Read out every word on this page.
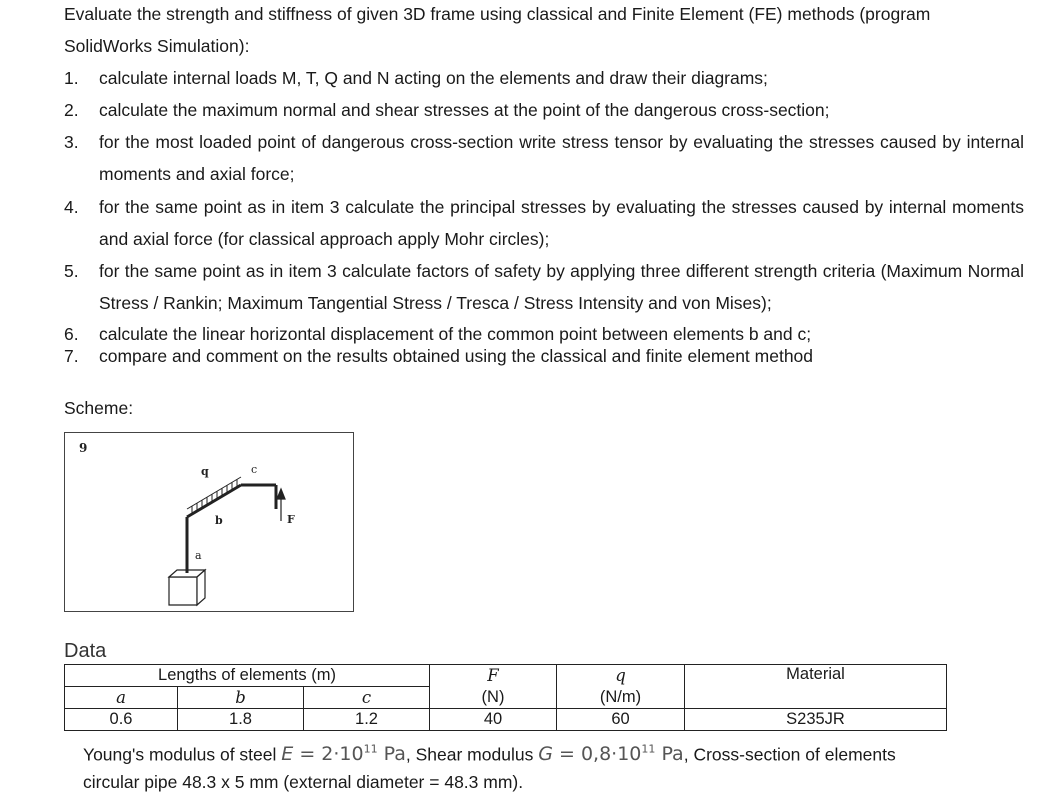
Evaluate the strength and stiffness of given 3D frame using classical and Finite Element (FE) methods (program
SolidWorks Simulation):
1. calculate internal loads M, T, Q and N acting on the elements and draw their diagrams;
2. calculate the maximum normal and shear stresses at the point of the dangerous cross-section;
3. for the most loaded point of dangerous cross-section write stress tensor by evaluating the stresses caused by internal moments and axial force;
4. for the same point as in item 3 calculate the principal stresses by evaluating the stresses caused by internal moments and axial force (for classical approach apply Mohr circles);
5. for the same point as in item 3 calculate factors of safety by applying three different strength criteria (Maximum Normal Stress / Rankin; Maximum Tangential Stress / Tresca / Stress Intensity and von Mises);
6. calculate the linear horizontal displacement of the common point between elements b and c;
7. compare and comment on the results obtained using the classical and finite element method
Scheme:
9
q	c
b	F
a
Data
Lengths of elements (m)			F	q	Material
a	b	c	(N)	(N/m)	
0.6	1.8	1.2	40	60	S235JR
Young's modulus of steel $E = 2\cdot 10^{11}$ Pa, Shear modulus $G = 0,8\cdot 10^{11}$ Pa, Cross-section of elements
circular pipe 48.3 x 5 mm (external diameter = 48.3 mm).
